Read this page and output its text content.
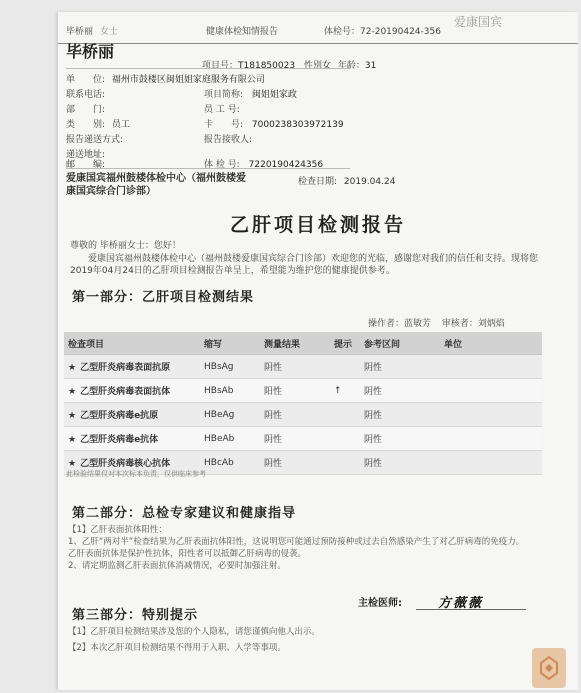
毕桥丽 女士	健康体检知情报告	体检号：72-20190424-356
爱康国宾
毕桥丽
项目号：T181850023 性别女 年龄：31
单　　位: 福州市鼓楼区闽姐姐家庭服务有限公司
联系电话:	项目简称: 闽姐姐家政
部　　门:	员 工 号:
类　　别: 员工	卡　　号: 7000238303972139
报告递送方式:	报告接收人:
递送地址:
邮　　编:	体 检 号: 7220190424356
爱康国宾福州鼓楼体检中心（福州鼓楼爱康国宾综合门诊部）
检查日期: 2019.04.24
乙肝项目检测报告
尊敬的 毕桥丽女士：您好！
爱康国宾福州鼓楼体检中心（福州鼓楼爱康国宾综合门诊部）欢迎您的光临，感谢您对我们的信任和支持。现将您2019年04月24日的乙肝项目检测报告单呈上，希望能为维护您的健康提供参考。
第一部分：乙肝项目检测结果
操作者：蓝敏芳 审核者：刘炳焰
检查项目	缩写	测量结果	提示	参考区间	单位
★ 乙型肝炎病毒表面抗原	HBsAg	阴性		阴性	
★ 乙型肝炎病毒表面抗体	HBsAb	阳性	↑	阴性	
★ 乙型肝炎病毒e抗原	HBeAg	阴性		阴性	
★ 乙型肝炎病毒e抗体	HBeAb	阴性		阴性	
★ 乙型肝炎病毒核心抗体	HBcAb	阴性		阴性	
此检验结果仅对本次标本负责，仅供临床参考
第二部分：总检专家建议和健康指导
【1】乙肝表面抗体阳性：
1、乙肝“两对半”检查结果为乙肝表面抗体阳性，这说明您可能通过预防接种或过去自然感染产生了对乙肝病毒的免疫力。乙肝表面抗体是保护性抗体，阳性者可以抵御乙肝病毒的侵袭。
2、请定期监测乙肝表面抗体消减情况，必要时加强注射。
主检医师:	方薇薇
第三部分：特别提示
【1】乙肝项目检测结果涉及您的个人隐私，请您谨慎向他人出示。
【2】本次乙肝项目检测结果不得用于入职、入学等事项。
